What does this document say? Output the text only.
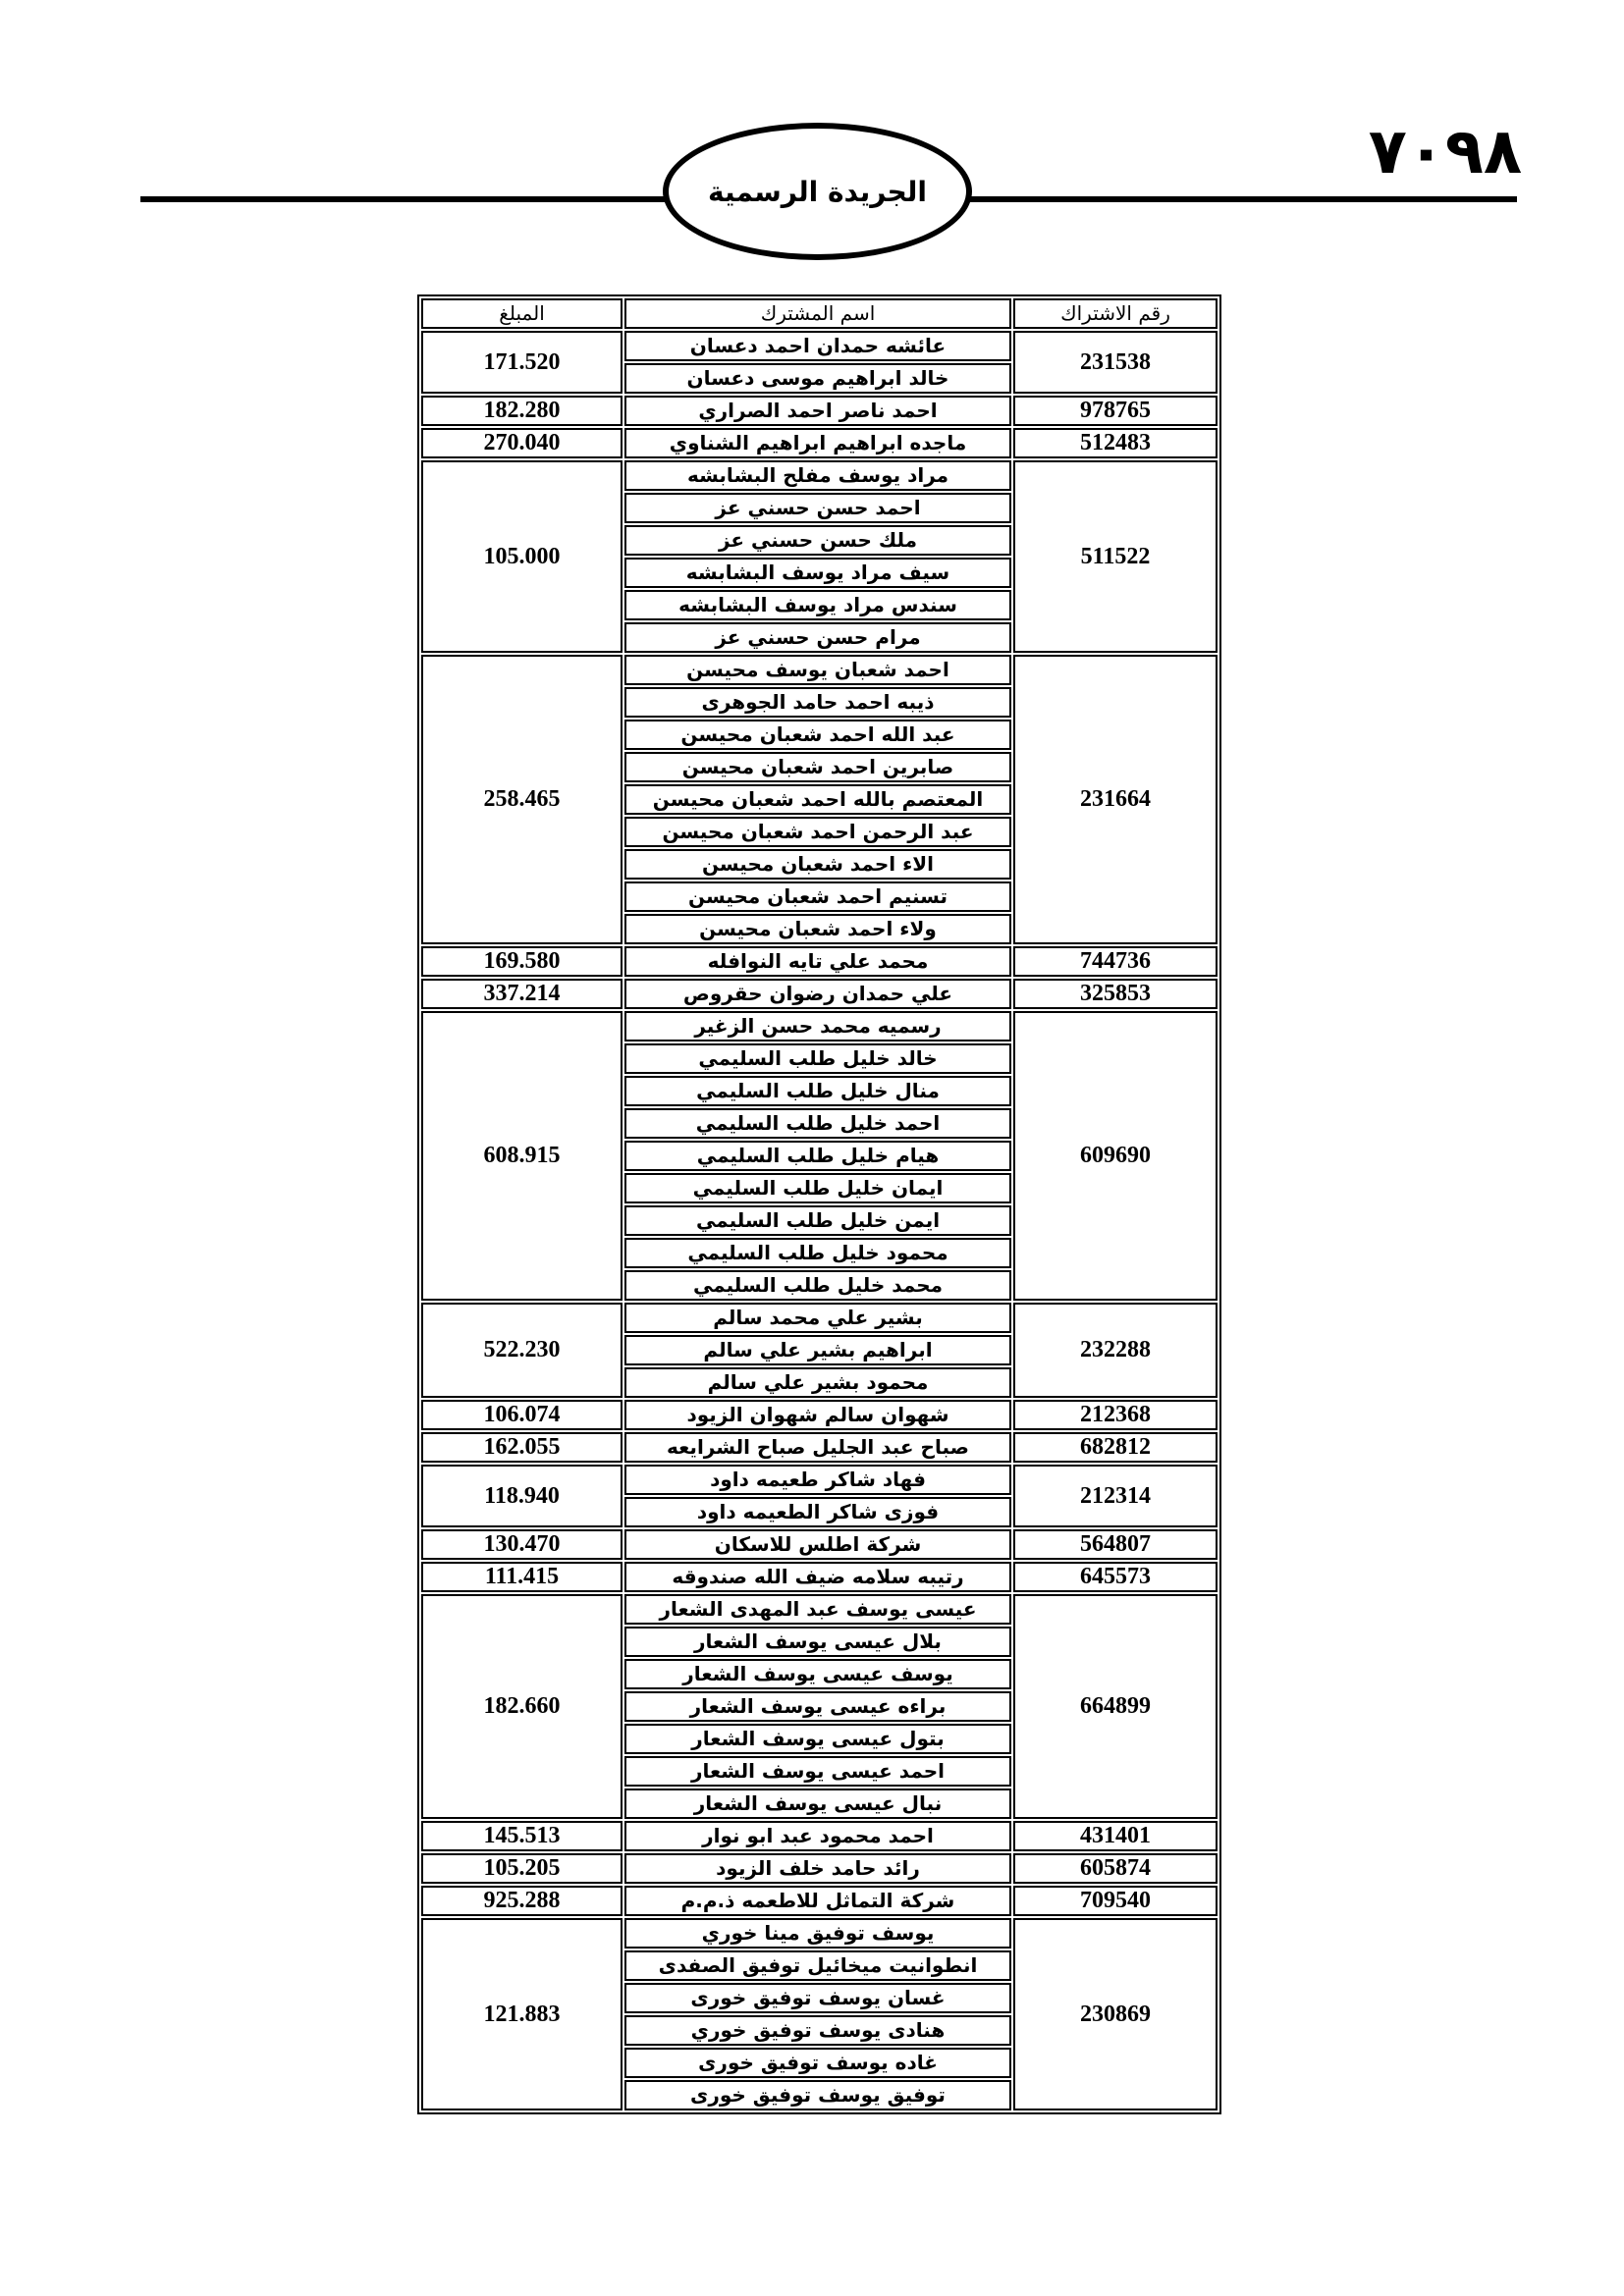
٧٠٩٨
الجريدة الرسمية
رقم الاشتراك	اسم المشترك	المبلغ
231538	عائشه حمدان احمد دعسان	171.520
	خالد ابراهيم موسى دعسان	
978765	احمد ناصر احمد الصراري	182.280
512483	ماجده ابراهيم ابراهيم الشناوي	270.040
511522	مراد يوسف مفلح البشابشه	105.000
	احمد حسن حسني عز	
	ملك حسن حسني عز	
	سيف مراد يوسف البشابشه	
	سندس مراد يوسف البشابشه	
	مرام حسن حسني عز	
231664	احمد شعبان يوسف محيسن	258.465
	ذيبه احمد حامد الجوهرى	
	عبد الله احمد شعبان محيسن	
	صابرين احمد شعبان محيسن	
	المعتصم بالله احمد شعبان محيسن	
	عبد الرحمن احمد شعبان محيسن	
	الاء احمد شعبان محيسن	
	تسنيم احمد شعبان محيسن	
	ولاء احمد شعبان محيسن	
744736	محمد علي تايه النوافله	169.580
325853	علي حمدان رضوان حقروص	337.214
609690	رسميه محمد حسن الزغير	608.915
	خالد خليل طلب السليمي	
	منال خليل طلب السليمي	
	احمد خليل طلب السليمي	
	هيام خليل طلب السليمي	
	ايمان خليل طلب السليمي	
	ايمن خليل طلب السليمي	
	محمود خليل طلب السليمي	
	محمد خليل طلب السليمي	
232288	بشير علي محمد سالم	522.230
	ابراهيم بشير علي سالم	
	محمود بشير علي سالم	
212368	شهوان سالم شهوان الزيود	106.074
682812	صباح عبد الجليل صباح الشرايعه	162.055
212314	فهاد شاكر طعيمه داود	118.940
	فوزى شاكر الطعيمه داود	
564807	شركة اطلس للاسكان	130.470
645573	رتيبه سلامه ضيف الله صندوقه	111.415
664899	عيسى يوسف عبد المهدى الشعار	182.660
	بلال عيسى يوسف الشعار	
	يوسف عيسى يوسف الشعار	
	براءه عيسى يوسف الشعار	
	بتول عيسى يوسف الشعار	
	احمد عيسى يوسف الشعار	
	نبال عيسى يوسف الشعار	
431401	احمد محمود عبد ابو نوار	145.513
605874	رائد حامد خلف الزيود	105.205
709540	شركة التماثل للاطعمه ذ.م.م	925.288
230869	يوسف توفيق مينا خوري	121.883
	انطوانيت ميخائيل توفيق الصفدى	
	غسان يوسف توفيق خورى	
	هنادى يوسف توفيق خوري	
	غاده يوسف توفيق خورى	
	توفيق يوسف توفيق خورى	
